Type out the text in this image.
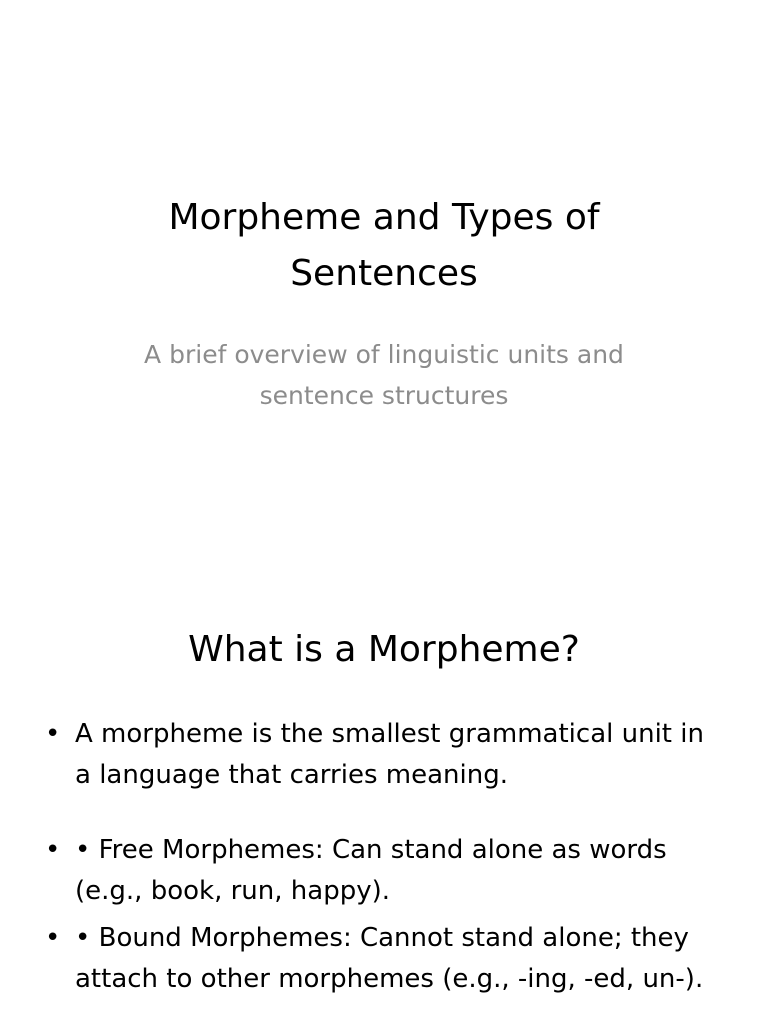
Morpheme and Types of Sentences

A brief overview of linguistic units and sentence structures

What is a Morpheme?
• A morpheme is the smallest grammatical unit in a language that carries meaning.
• • Free Morphemes: Can stand alone as words (e.g., book, run, happy).
• • Bound Morphemes: Cannot stand alone; they attach to other morphemes (e.g., -ing, -ed, un-).
